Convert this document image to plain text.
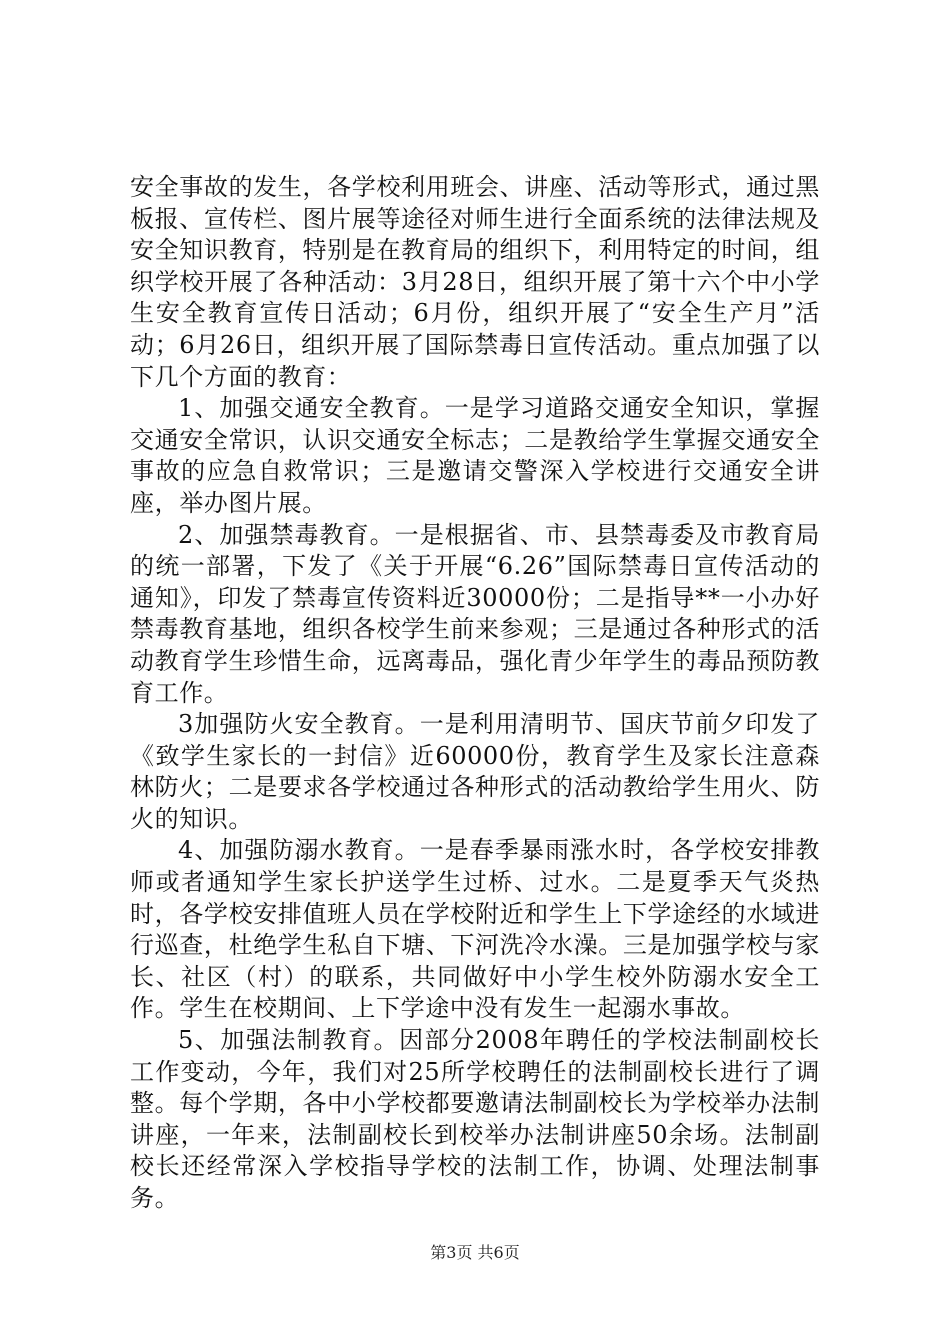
安全事故的发生，各学校利用班会、讲座、活动等形式，通过黑板报、宣传栏、图片展等途径对师生进行全面系统的法律法规及安全知识教育，特别是在教育局的组织下，利用特定的时间，组织学校开展了各种活动：3月28日，组织开展了第十六个中小学生安全教育宣传日活动；6月份，组织开展了“安全生产月”活动；6月26日，组织开展了国际禁毒日宣传活动。重点加强了以下几个方面的教育：

1、加强交通安全教育。一是学习道路交通安全知识，掌握交通安全常识，认识交通安全标志；二是教给学生掌握交通安全事故的应急自救常识；三是邀请交警深入学校进行交通安全讲座，举办图片展。

2、加强禁毒教育。一是根据省、市、县禁毒委及市教育局的统一部署，下发了《关于开展“6.26”国际禁毒日宣传活动的通知》，印发了禁毒宣传资料近30000份；二是指导**一小办好禁毒教育基地，组织各校学生前来参观；三是通过各种形式的活动教育学生珍惜生命，远离毒品，强化青少年学生的毒品预防教育工作。

3加强防火安全教育。一是利用清明节、国庆节前夕印发了《致学生家长的一封信》近60000份，教育学生及家长注意森林防火；二是要求各学校通过各种形式的活动教给学生用火、防火的知识。

4、加强防溺水教育。一是春季暴雨涨水时，各学校安排教师或者通知学生家长护送学生过桥、过水。二是夏季天气炎热时，各学校安排值班人员在学校附近和学生上下学途经的水域进行巡查，杜绝学生私自下塘、下河洗冷水澡。三是加强学校与家长、社区（村）的联系，共同做好中小学生校外防溺水安全工作。学生在校期间、上下学途中没有发生一起溺水事故。

5、加强法制教育。因部分2008年聘任的学校法制副校长工作变动，今年，我们对25所学校聘任的法制副校长进行了调整。每个学期，各中小学校都要邀请法制副校长为学校举办法制讲座，一年来，法制副校长到校举办法制讲座50余场。法制副校长还经常深入学校指导学校的法制工作，协调、处理法制事务。

第3页 共6页
